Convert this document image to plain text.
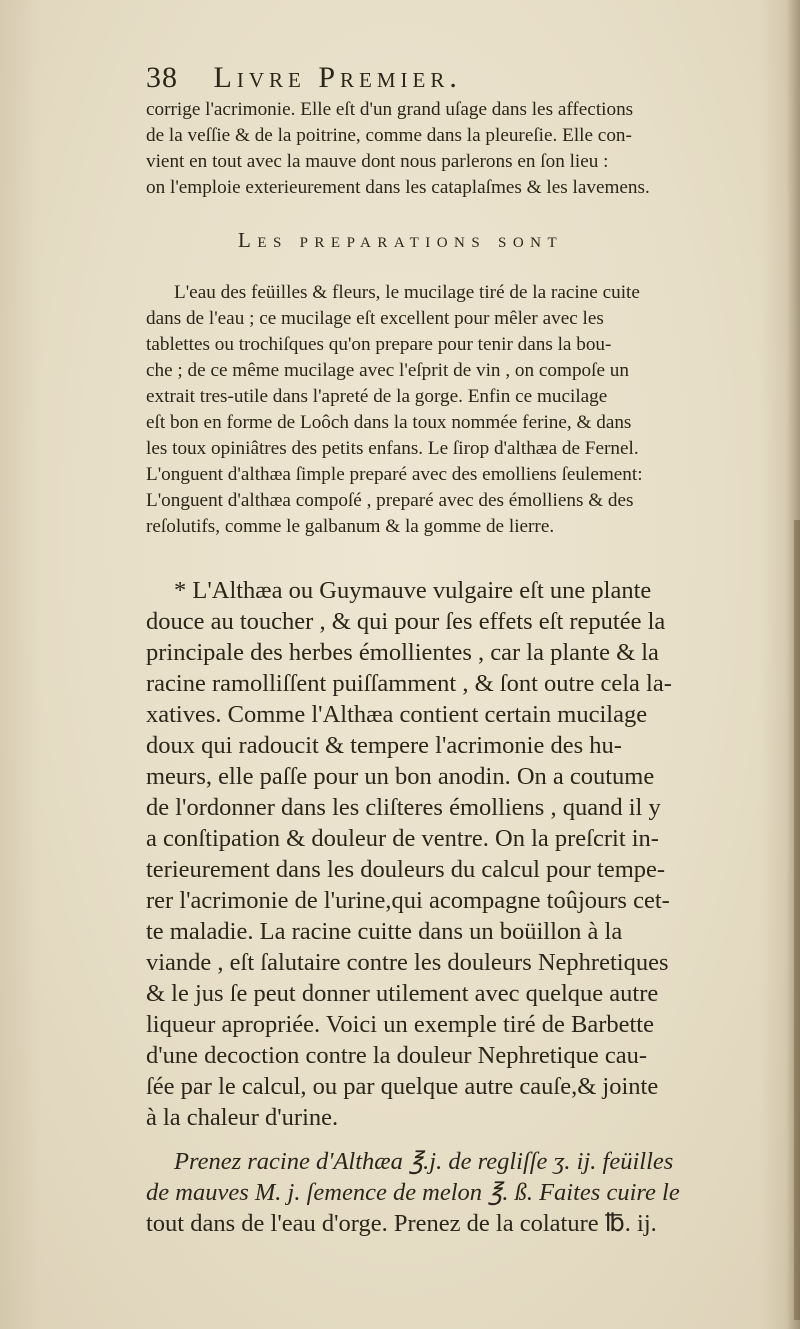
38 Livre Premier.
corrige l'acrimonie. Elle eſt d'un grand uſage dans les affections
de la veſſie & de la poitrine, comme dans la pleureſie. Elle con-
vient en tout avec la mauve dont nous parlerons en ſon lieu :
on l'emploie exterieurement dans les cataplaſmes & les lavemens.
Les preparations sont
L'eau des feüilles & fleurs, le mucilage tiré de la racine cuite
dans de l'eau ; ce mucilage eſt excellent pour mêler avec les
tablettes ou trochiſques qu'on prepare pour tenir dans la bou-
che ; de ce même mucilage avec l'eſprit de vin , on compoſe un
extrait tres-utile dans l'apreté de la gorge. Enfin ce mucilage
eſt bon en forme de Loôch dans la toux nommée ferine, & dans
les toux opiniâtres des petits enfans. Le ſirop d'althæa de Fernel.
L'onguent d'althæa ſimple preparé avec des emolliens ſeulement:
L'onguent d'althæa compoſé , preparé avec des émolliens & des
reſolutifs, comme le galbanum & la gomme de lierre.
* L'Althæa ou Guymauve vulgaire eſt une plante
douce au toucher , & qui pour ſes effets eſt reputée la
principale des herbes émollientes , car la plante & la
racine ramolliſſent puiſſamment , & ſont outre cela la-
xatives. Comme l'Althæa contient certain mucilage
doux qui radoucit & tempere l'acrimonie des hu-
meurs, elle paſſe pour un bon anodin. On a coutume
de l'ordonner dans les cliſteres émolliens , quand il y
a conſtipation & douleur de ventre. On la preſcrit in-
terieurement dans les douleurs du calcul pour tempe-
rer l'acrimonie de l'urine,qui acompagne toûjours cet-
te maladie. La racine cuitte dans un boüillon à la
viande , eſt ſalutaire contre les douleurs Nephretiques
& le jus ſe peut donner utilement avec quelque autre
liqueur apropriée. Voici un exemple tiré de Barbette
d'une decoction contre la douleur Nephretique cau-
ſée par le calcul, ou par quelque autre cauſe,& jointe
à la chaleur d'urine.
Prenez racine d'Althæa ℥.j. de regliſſe ʒ. ij. feüilles
de mauves M. j. ſemence de melon ℥. ß. Faites cuire le
tout dans de l'eau d'orge. Prenez de la colature ℔. ij.
